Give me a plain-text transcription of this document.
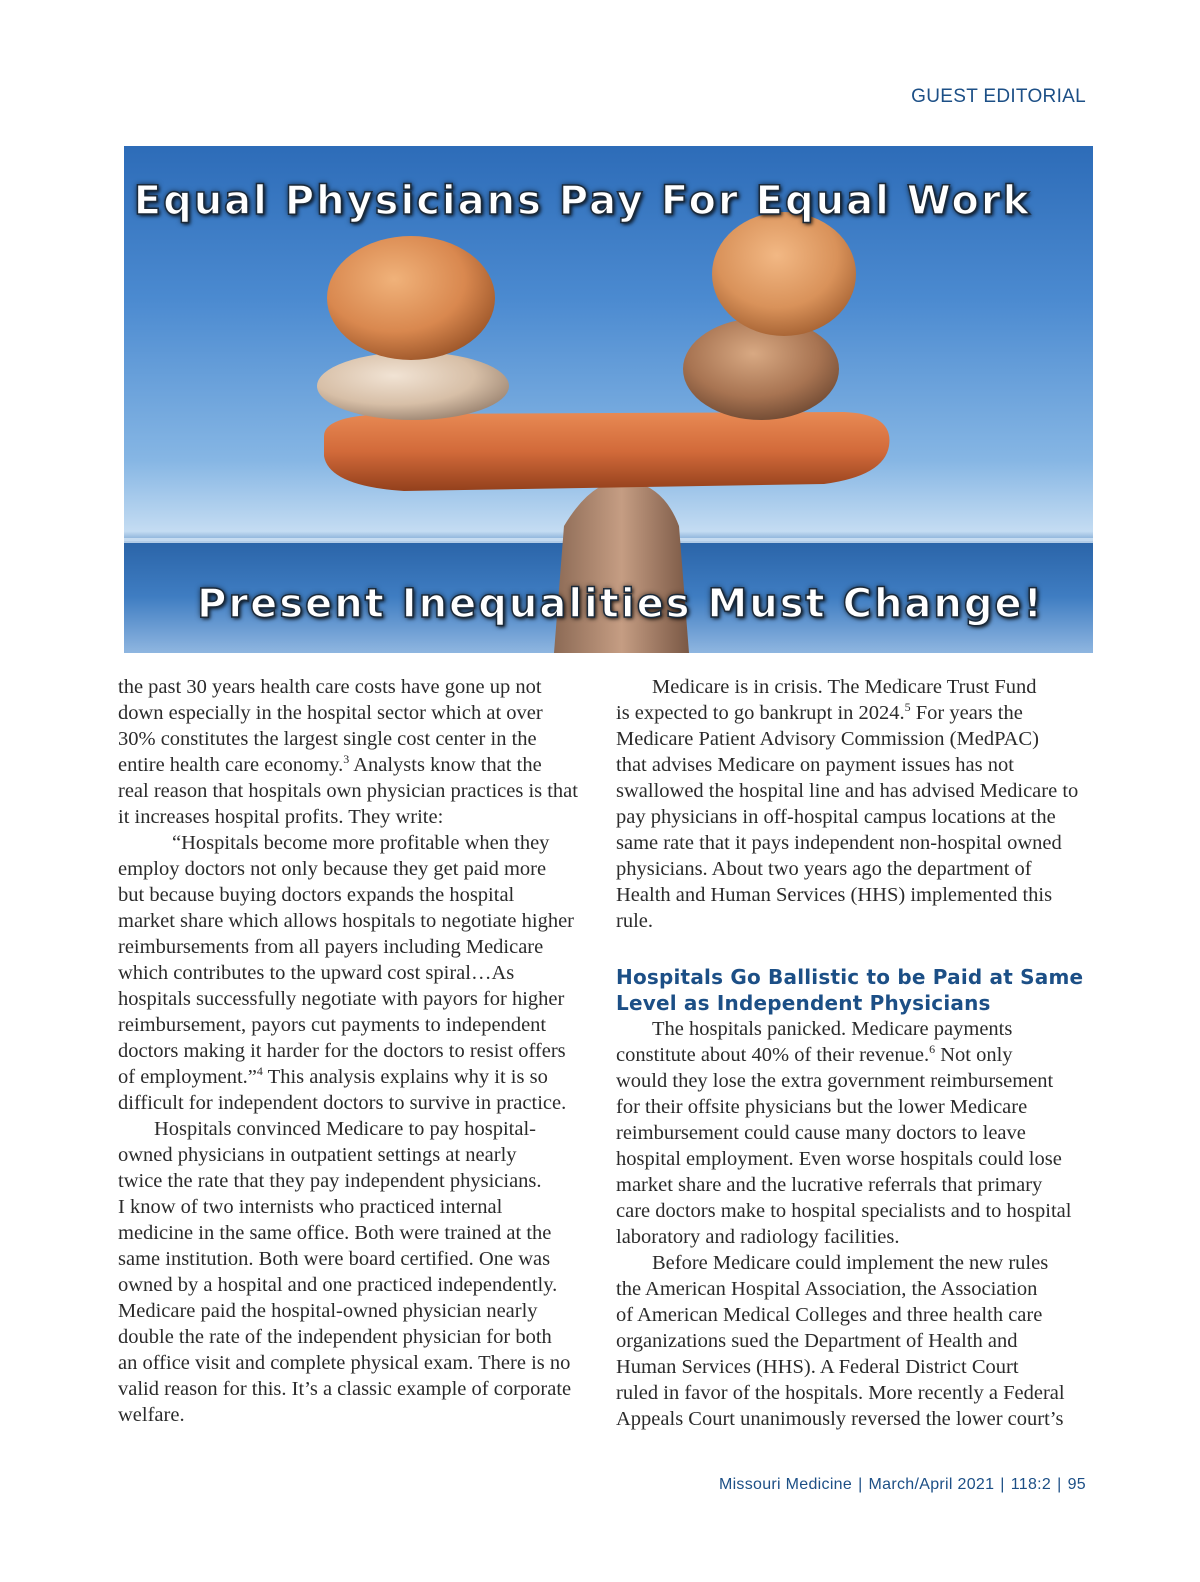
GUEST EDITORIAL
Equal Physicians Pay For Equal Work
Present Inequalities Must Change!
the past 30 years health care costs have gone up not
down especially in the hospital sector which at over
30% constitutes the largest single cost center in the
entire health care economy.$^3$ Analysts know that the
real reason that hospitals own physician practices is that
it increases hospital profits. They write:
“Hospitals become more profitable when they
employ doctors not only because they get paid more
but because buying doctors expands the hospital
market share which allows hospitals to negotiate higher
reimbursements from all payers including Medicare
which contributes to the upward cost spiral…As
hospitals successfully negotiate with payors for higher
reimbursement, payors cut payments to independent
doctors making it harder for the doctors to resist offers
of employment.”$^4$ This analysis explains why it is so
difficult for independent doctors to survive in practice.
Hospitals convinced Medicare to pay hospital-
owned physicians in outpatient settings at nearly
twice the rate that they pay independent physicians.
I know of two internists who practiced internal
medicine in the same office. Both were trained at the
same institution. Both were board certified. One was
owned by a hospital and one practiced independently.
Medicare paid the hospital-owned physician nearly
double the rate of the independent physician for both
an office visit and complete physical exam. There is no
valid reason for this. It’s a classic example of corporate
welfare.
Medicare is in crisis. The Medicare Trust Fund
is expected to go bankrupt in 2024.$^5$ For years the
Medicare Patient Advisory Commission (MedPAC)
that advises Medicare on payment issues has not
swallowed the hospital line and has advised Medicare to
pay physicians in off-hospital campus locations at the
same rate that it pays independent non-hospital owned
physicians. About two years ago the department of
Health and Human Services (HHS) implemented this
rule.
Hospitals Go Ballistic to be Paid at Same
Level as Independent Physicians
The hospitals panicked. Medicare payments
constitute about 40% of their revenue.$^6$ Not only
would they lose the extra government reimbursement
for their offsite physicians but the lower Medicare
reimbursement could cause many doctors to leave
hospital employment. Even worse hospitals could lose
market share and the lucrative referrals that primary
care doctors make to hospital specialists and to hospital
laboratory and radiology facilities.
Before Medicare could implement the new rules
the American Hospital Association, the Association
of American Medical Colleges and three health care
organizations sued the Department of Health and
Human Services (HHS). A Federal District Court
ruled in favor of the hospitals. More recently a Federal
Appeals Court unanimously reversed the lower court’s
Missouri Medicine | March/April 2021 | 118:2 | 95
